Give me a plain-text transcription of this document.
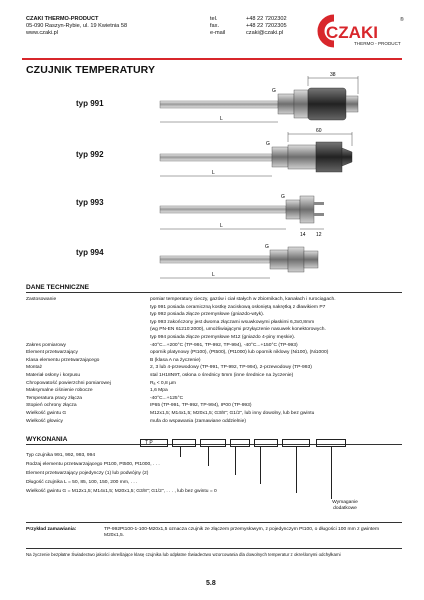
CZAKI THERMO-PRODUCT
05-090 Raszyn-Rybie, ul. 19 Kwietnia 58
www.czaki.pl
tel.	+48 22 7202302
fax.	+48 22 7202305
e-mail	czaki@czaki.pl	CZAKI
THERMO - PRODUCT
®
CZUJNIK TEMPERATURY
typ 991
typ 992
typ 993
typ 994
38
L
G
60
L
G
L
14 12
G
L
G
DANE TECHNICZNE
Zastosowanie	pomiar temperatury cieczy, gazów i ciał stałych w zbiornikach, kanałach i rurociągach.
typ 991 posiada ceramiczną kostkę zaciskową osłoniętą nakrętką z dławikiem P7
typ 992 posiada złącze przemysłowe (gniazdo-wtyk).
typ 993 zakończony jest dwoma złączami wsuwkowymi płaskimi 6,3x0,8mm
(wg PN-EN 61210:2000), umożliwiającymi przyłączenie nasuwek konektorowych.
typ 994 posiada złącze przemysłowe M12 (gniazdo 4-piny męskie).
Zakres pomiarowy	-40°C...+200°C (TP-991, TP-992, TP-994), -40°C...+150°C (TP-993)
Element przetwarzający	opornik platynowy (Pt100), (Pt500), (Pt1000) lub opornik niklowy (Ni100), (Ni1000)
Klasa elementu przetwarzającego	B (klasa A na życzenie)
Montaż	2, 3 lub 4-przewodowy (TP-991, TP-992, TP-994), 2-przewodowy (TP-993)
Materiał osłony i korpusu	stal 1H18N9T, osłona o średnicy 5mm (inne średnice na życzenie)
Chropowatość powierzchni pomiarowej	Rₐ < 0,8 µm
Maksymalne ciśnienie robocze	1,6 Mpa
Temperatura pracy złącza	-40°C...+125°C
Stopień ochrony złącza	IP65 (TP-991, TP-992, TP-994), IP00 (TP-993)
Wielkość gwintu G	M12x1,5; M14x1,5; M20x1,5; G3/8"; G1/2", lub inny dowolny, lub bez gwintu
Wielkość głowicy	mufa do wspawania (zamawiane oddzielnie)
WYKONANIA	T P
Typ czujnika 991, 992, 993, 994
Rodzaj elementu przetwarzającego Pt100, Pt500, Pt1000, . . .
Element przetwarzający pojedynczy (1) lub podwójny (2)
Długość czujnika L = 50, 85, 100, 150, 200 mm, . . .
Wielkość gwintu G = M12x1,5; M14x1,5; M20x1,5; G3/8"; G1/2", . . . , lub bez gwintu = 0
Wymaganie dodatkowe
Przykład zamawiania:	TP-992Pt100-1-100-M20x1,5 oznacza czujnik ze złączem przemysłowym, z pojedynczym Pt100, o długości 100 mm z gwintem M20x1,5.
Na życzenie bezpłatne Świadectwo jakości określające klasę czujnika lub odpłatne Świadectwo wzorcowania dla dowolnych temperatur z określonymi odchyłkami
5.8
